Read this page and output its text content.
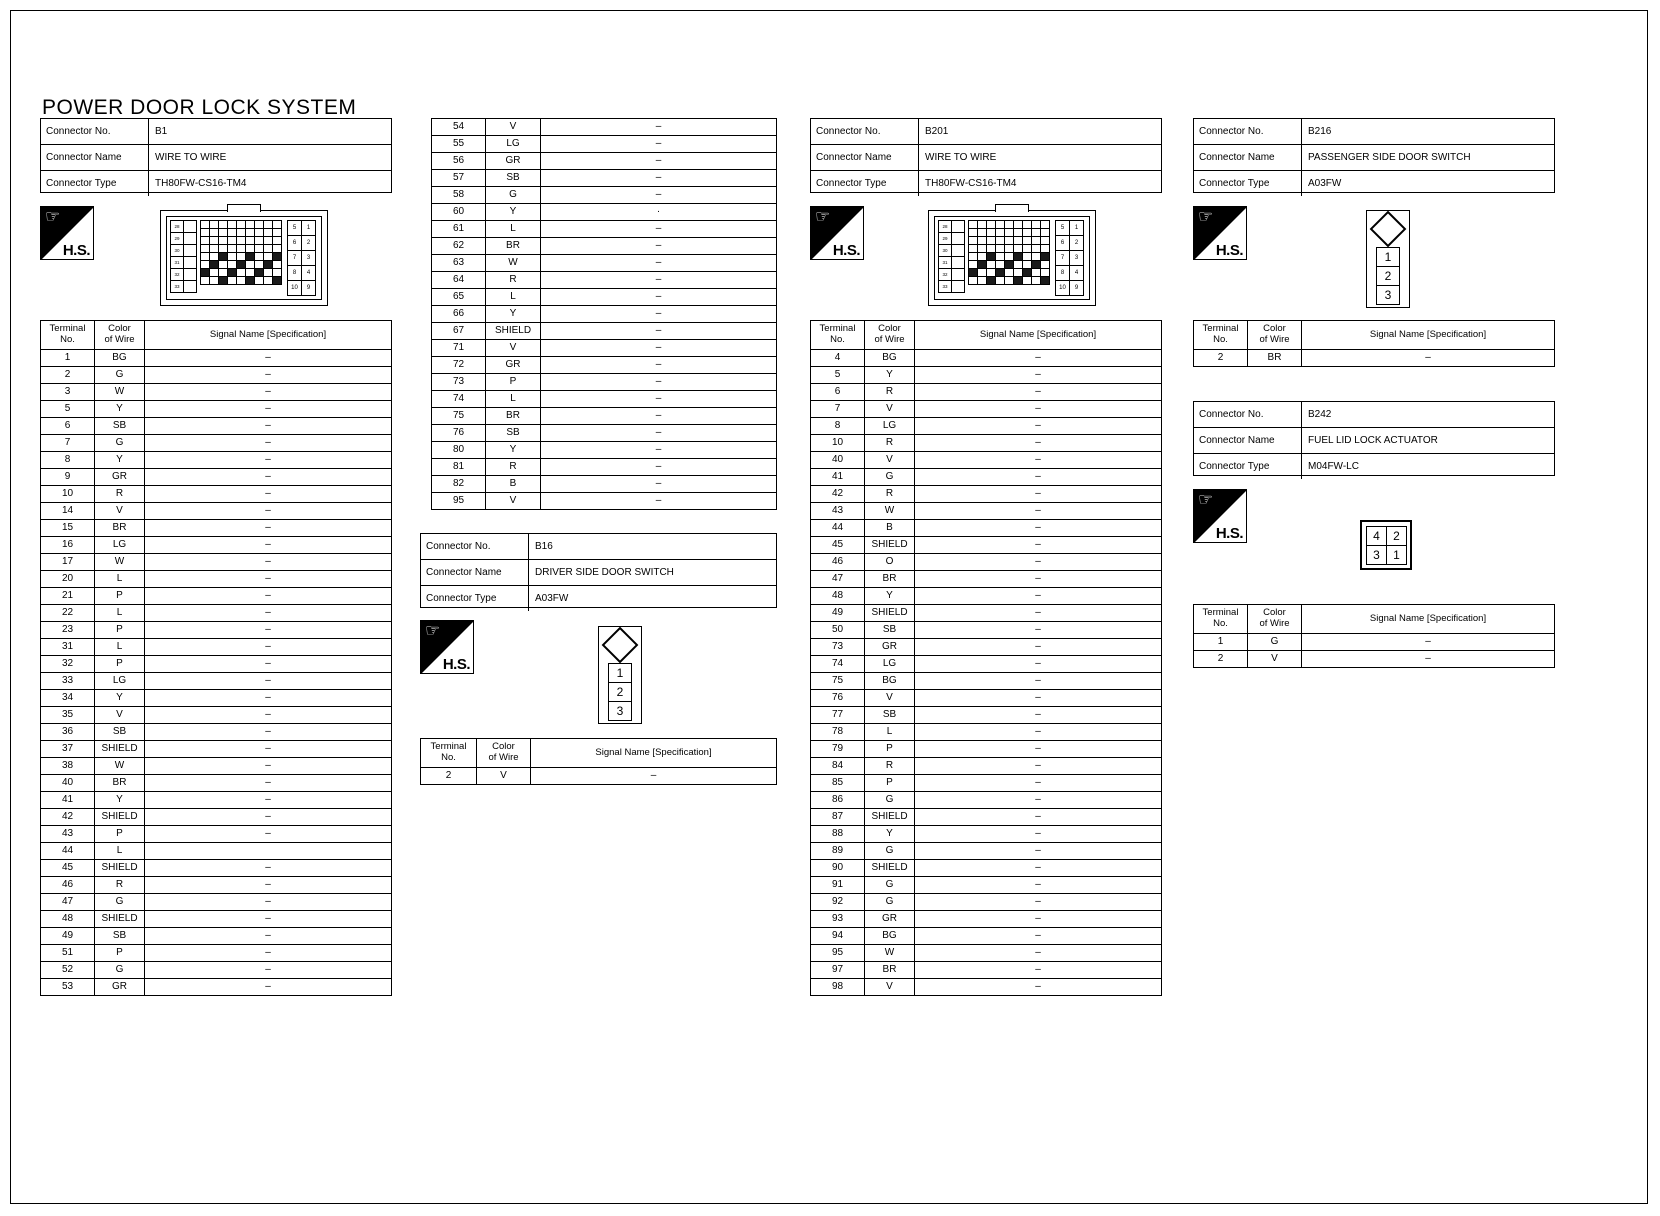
POWER DOOR LOCK SYSTEM
Connector No.	B1
Connector Name	WIRE TO WIRE
Connector Type	TH80FW-CS16-TM4
☞
H.S.
28
29
30
31
32
33
5	1
6	2
7	3
8	4
10	9
Terminal
No.	Color
of Wire	Signal Name [Specification]
1	BG	–
2	G	–
3	W	–
5	Y	–
6	SB	–
7	G	–
8	Y	–
9	GR	–
10	R	–
14	V	–
15	BR	–
16	LG	–
17	W	–
20	L	–
21	P	–
22	L	–
23	P	–
31	L	–
32	P	–
33	LG	–
34	Y	–
35	V	–
36	SB	–
37	SHIELD	–
38	W	–
40	BR	–
41	Y	–
42	SHIELD	–
43	P	–
44	L	
45	SHIELD	–
46	R	–
47	G	–
48	SHIELD	–
49	SB	–
51	P	–
52	G	–
53	GR	–
54	V	–
55	LG	–
56	GR	–
57	SB	–
58	G	–
60	Y	·
61	L	–
62	BR	–
63	W	–
64	R	–
65	L	–
66	Y	–
67	SHIELD	–
71	V	–
72	GR	–
73	P	–
74	L	–
75	BR	–
76	SB	–
80	Y	–
81	R	–
82	B	–
95	V	–
Connector No.	B16
Connector Name	DRIVER SIDE DOOR SWITCH
Connector Type	A03FW
☞
H.S.	1
2
3
Terminal
No.	Color
of Wire	Signal Name [Specification]
2	V	–
Connector No.	B201
Connector Name	WIRE TO WIRE
Connector Type	TH80FW-CS16-TM4
☞
H.S.
28
29
30
31
32
33
5	1
6	2
7	3
8	4
10	9
Terminal
No.	Color
of Wire	Signal Name [Specification]
4	BG	–
5	Y	–
6	R	–
7	V	–
8	LG	–
10	R	–
40	V	–
41	G	–
42	R	–
43	W	–
44	B	–
45	SHIELD	–
46	O	–
47	BR	–
48	Y	–
49	SHIELD	–
50	SB	–
73	GR	–
74	LG	–
75	BG	–
76	V	–
77	SB	–
78	L	–
79	P	–
84	R	–
85	P	–
86	G	–
87	SHIELD	–
88	Y	–
89	G	–
90	SHIELD	–
91	G	–
92	G	–
93	GR	–
94	BG	–
95	W	–
97	BR	–
98	V	–
Connector No.	B216
Connector Name	PASSENGER SIDE DOOR SWITCH
Connector Type	A03FW
☞
H.S.	1
2
3
Terminal
No.	Color
of Wire	Signal Name [Specification]
2	BR	–
Connector No.	B242
Connector Name	FUEL LID LOCK ACTUATOR
Connector Type	M04FW-LC
☞
H.S.	4	2
3	1
Terminal
No.	Color
of Wire	Signal Name [Specification]
1	G	–
2	V	–
